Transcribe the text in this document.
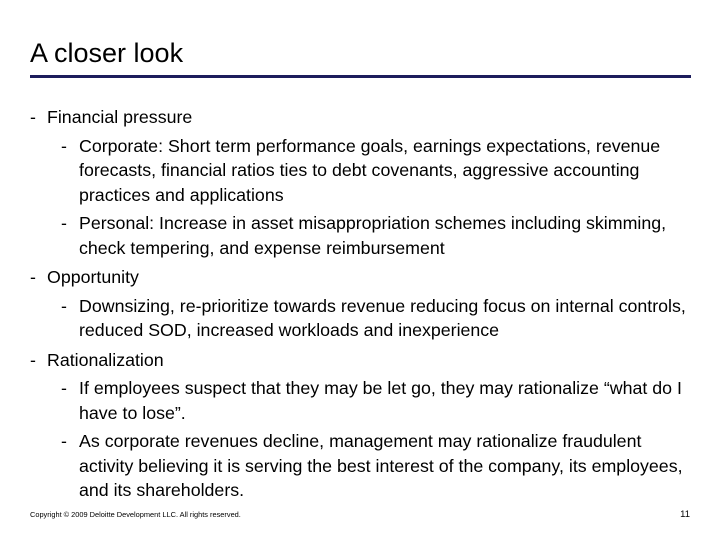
A closer look
- Financial pressure
- Corporate: Short term performance goals, earnings expectations, revenue forecasts, financial ratios ties to debt covenants, aggressive accounting practices and applications
- Personal: Increase in asset misappropriation schemes including skimming, check tempering, and expense reimbursement
- Opportunity
- Downsizing, re-prioritize towards revenue reducing focus on internal controls, reduced SOD, increased workloads and inexperience
- Rationalization
- If employees suspect that they may be let go, they may rationalize “what do I have to lose”.
- As corporate revenues decline, management may rationalize fraudulent activity believing it is serving the best interest of the company, its employees, and its shareholders.
Copyright © 2009 Deloitte Development LLC. All rights reserved.	11
